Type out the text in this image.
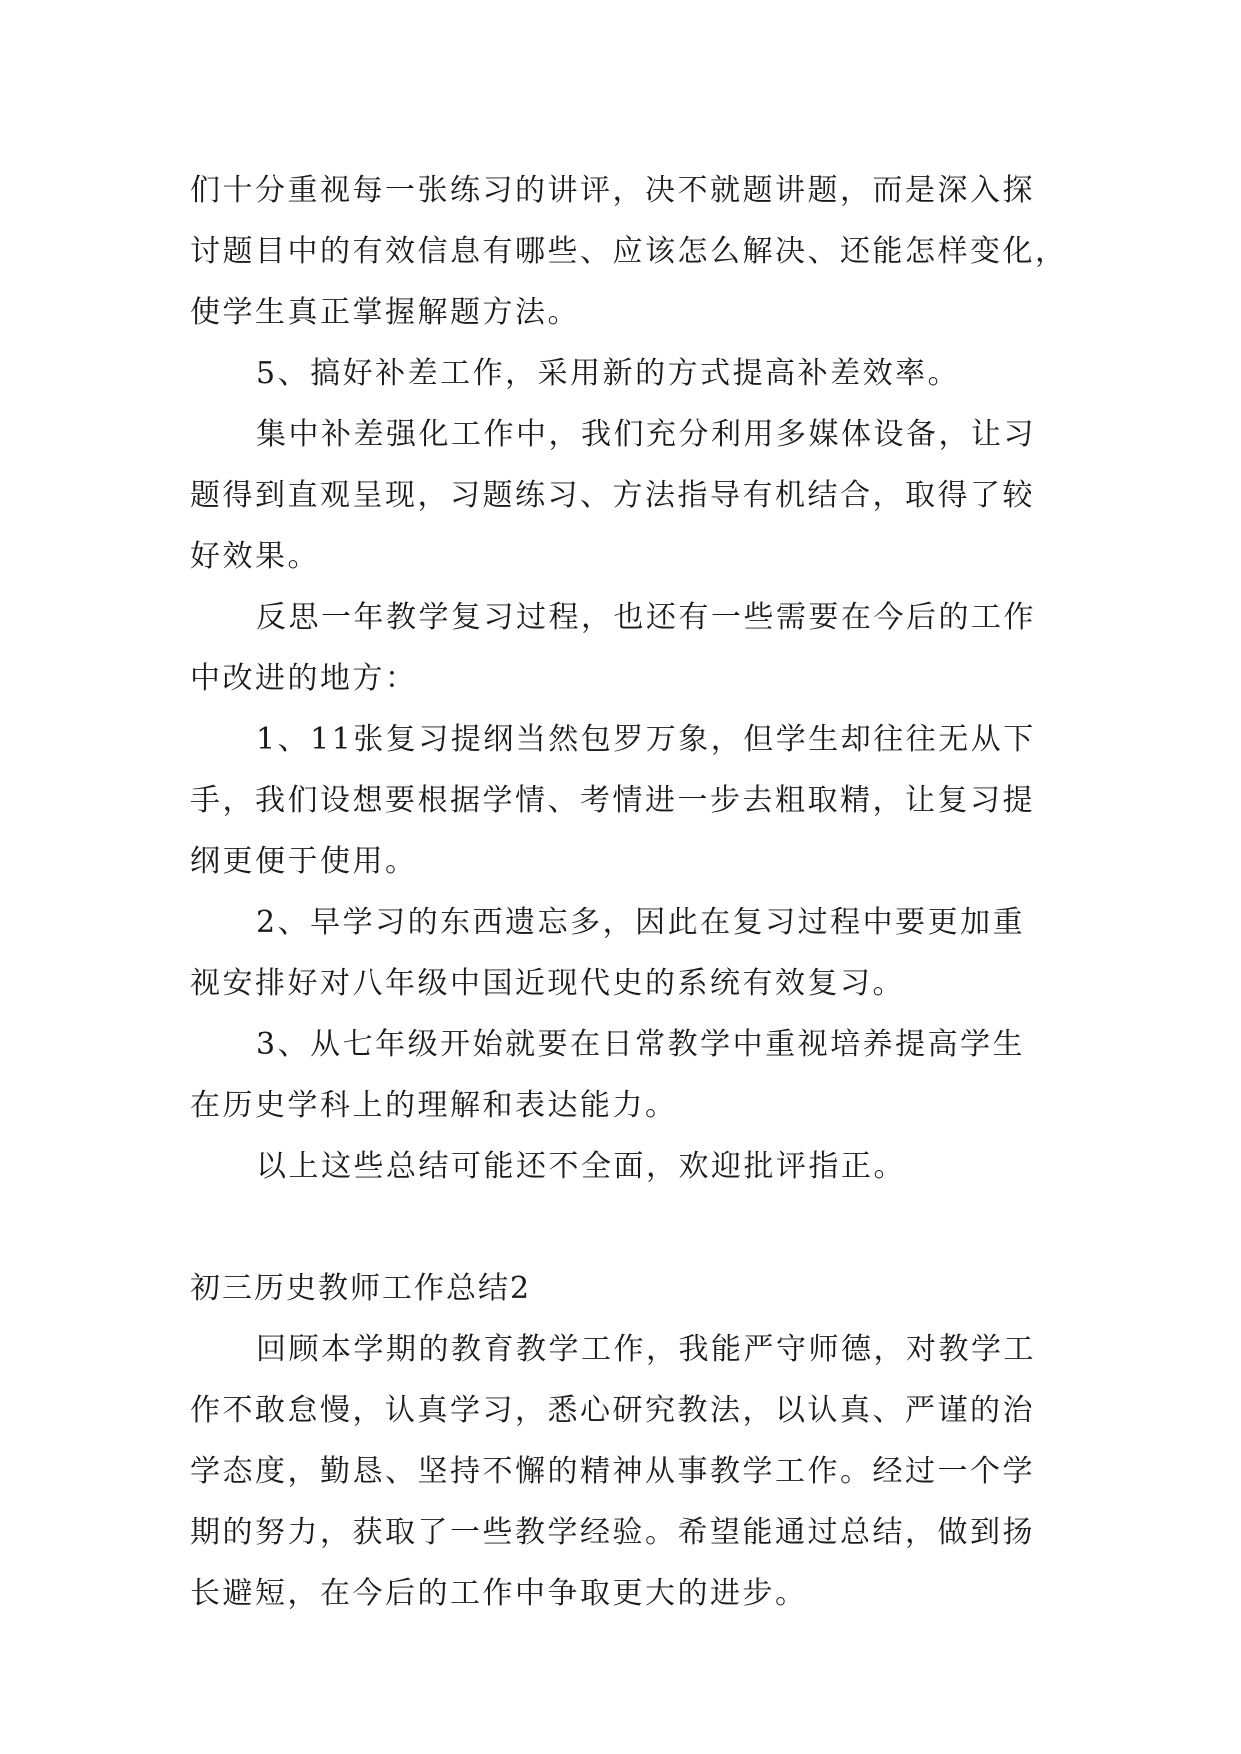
们十分重视每一张练习的讲评，决不就题讲题，而是深入探
讨题目中的有效信息有哪些、应该怎么解决、还能怎样变化，
使学生真正掌握解题方法。
5、搞好补差工作，采用新的方式提高补差效率。
集中补差强化工作中，我们充分利用多媒体设备，让习
题得到直观呈现，习题练习、方法指导有机结合，取得了较
好效果。
反思一年教学复习过程，也还有一些需要在今后的工作
中改进的地方：
1、11张复习提纲当然包罗万象，但学生却往往无从下
手，我们设想要根据学情、考情进一步去粗取精，让复习提
纲更便于使用。
2、早学习的东西遗忘多，因此在复习过程中要更加重
视安排好对八年级中国近现代史的系统有效复习。
3、从七年级开始就要在日常教学中重视培养提高学生
在历史学科上的理解和表达能力。
以上这些总结可能还不全面，欢迎批评指正。
初三历史教师工作总结2
回顾本学期的教育教学工作，我能严守师德，对教学工
作不敢怠慢，认真学习，悉心研究教法，以认真、严谨的治
学态度，勤恳、坚持不懈的精神从事教学工作。经过一个学
期的努力，获取了一些教学经验。希望能通过总结，做到扬
长避短，在今后的工作中争取更大的进步。
